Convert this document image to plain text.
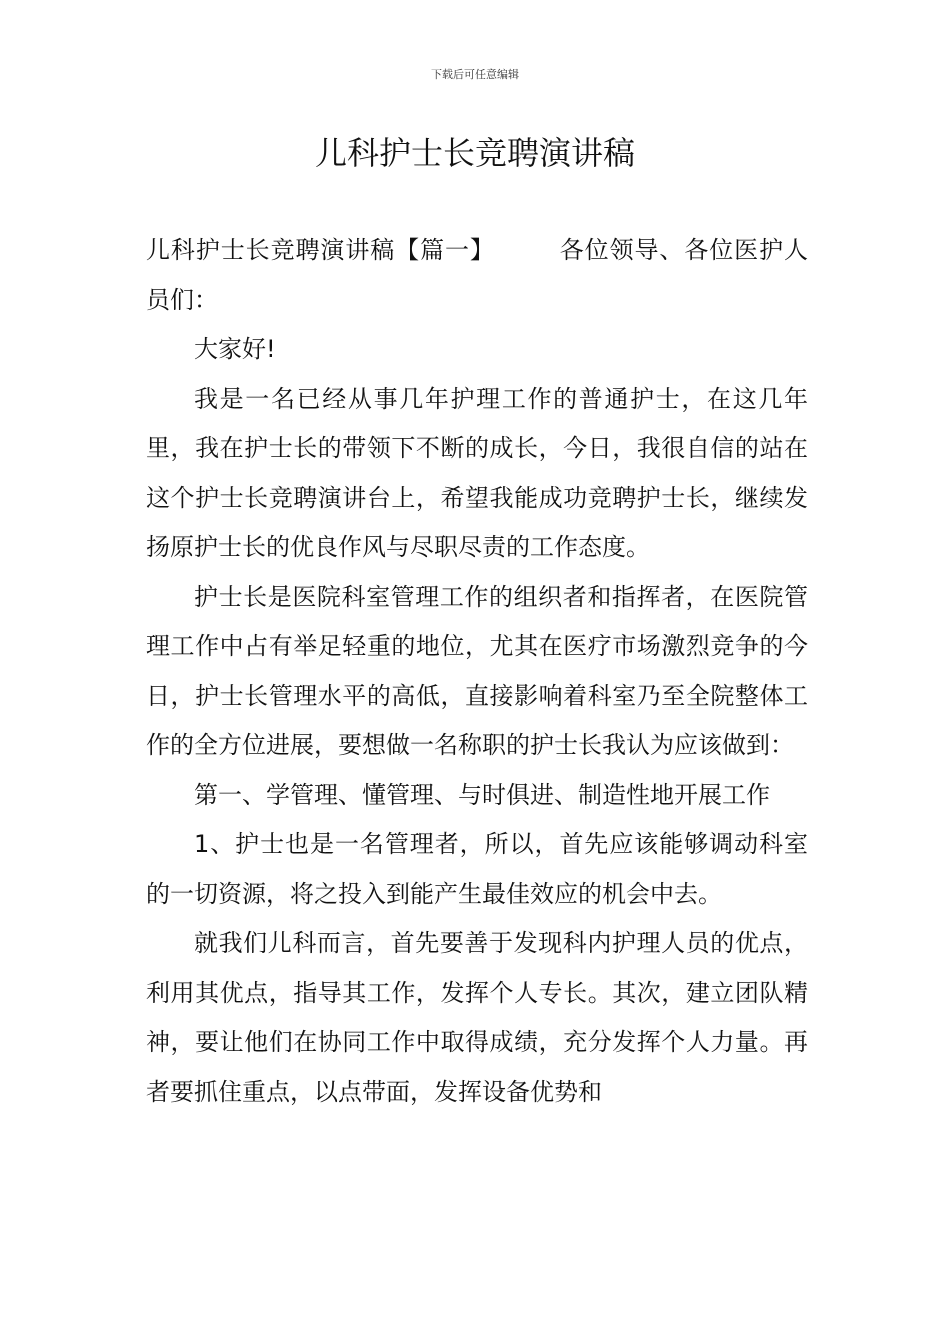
下载后可任意编辑
儿科护士长竞聘演讲稿

儿科护士长竞聘演讲稿【篇一】	各位领导、各位医护人员们：

大家好!

我是一名已经从事几年护理工作的普通护士，在这几年里，我在护士长的带领下不断的成长，今日，我很自信的站在这个护士长竞聘演讲台上，希望我能成功竞聘护士长，继续发扬原护士长的优良作风与尽职尽责的工作态度。

护士长是医院科室管理工作的组织者和指挥者，在医院管理工作中占有举足轻重的地位，尤其在医疗市场激烈竞争的今日，护士长管理水平的高低，直接影响着科室乃至全院整体工作的全方位进展，要想做一名称职的护士长我认为应该做到：

第一、学管理、懂管理、与时俱进、制造性地开展工作

1、护士也是一名管理者，所以，首先应该能够调动科室的一切资源，将之投入到能产生最佳效应的机会中去。

就我们儿科而言，首先要善于发现科内护理人员的优点，利用其优点，指导其工作，发挥个人专长。其次，建立团队精神，要让他们在协同工作中取得成绩，充分发挥个人力量。再者要抓住重点，以点带面，发挥设备优势和
